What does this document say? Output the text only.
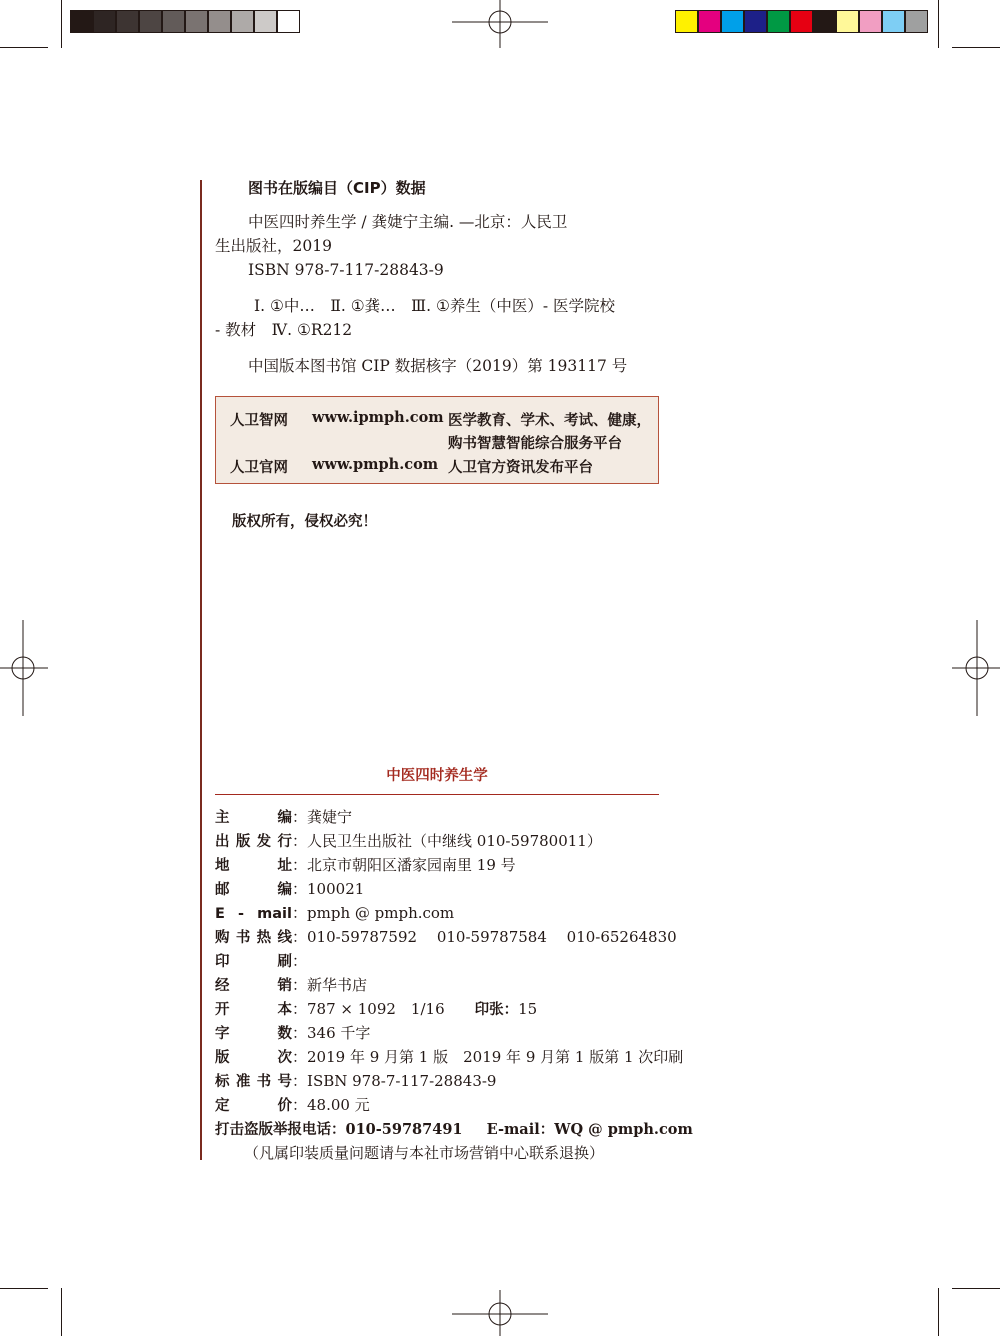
图书在版编目（CIP）数据
中医四时养生学 / 龚婕宁主编. —北京：人民卫
生出版社，2019
ISBN 978-7-117-28843-9
Ⅰ. ①中…　Ⅱ. ①龚…　Ⅲ. ①养生（中医）- 医学院校
- 教材　Ⅳ. ①R212
中国版本图书馆 CIP 数据核字（2019）第 193117 号
人卫智网 www.ipmph.com 医学教育、学术、考试、健康，
购书智慧智能综合服务平台
人卫官网 www.pmph.com 人卫官方资讯发布平台
版权所有，侵权必究！
中医四时养生学
主　　编：龚婕宁
出版发行：人民卫生出版社（中继线 010-59780011）
地　　址：北京市朝阳区潘家园南里 19 号
邮　　编：100021
E - mail：pmph @ pmph.com
购书热线：010-59787592　 010-59787584　 010-65264830
印　　刷：
经　　销：新华书店
开　　本：787 × 1092　1/16　　印张：15
字　　数：346 千字
版　　次：2019 年 9 月第 1 版　2019 年 9 月第 1 版第 1 次印刷
标准书号：ISBN 978-7-117-28843-9
定　　价：48.00 元
打击盗版举报电话：010-59787491 E-mail：WQ @ pmph.com
（凡属印装质量问题请与本社市场营销中心联系退换）
